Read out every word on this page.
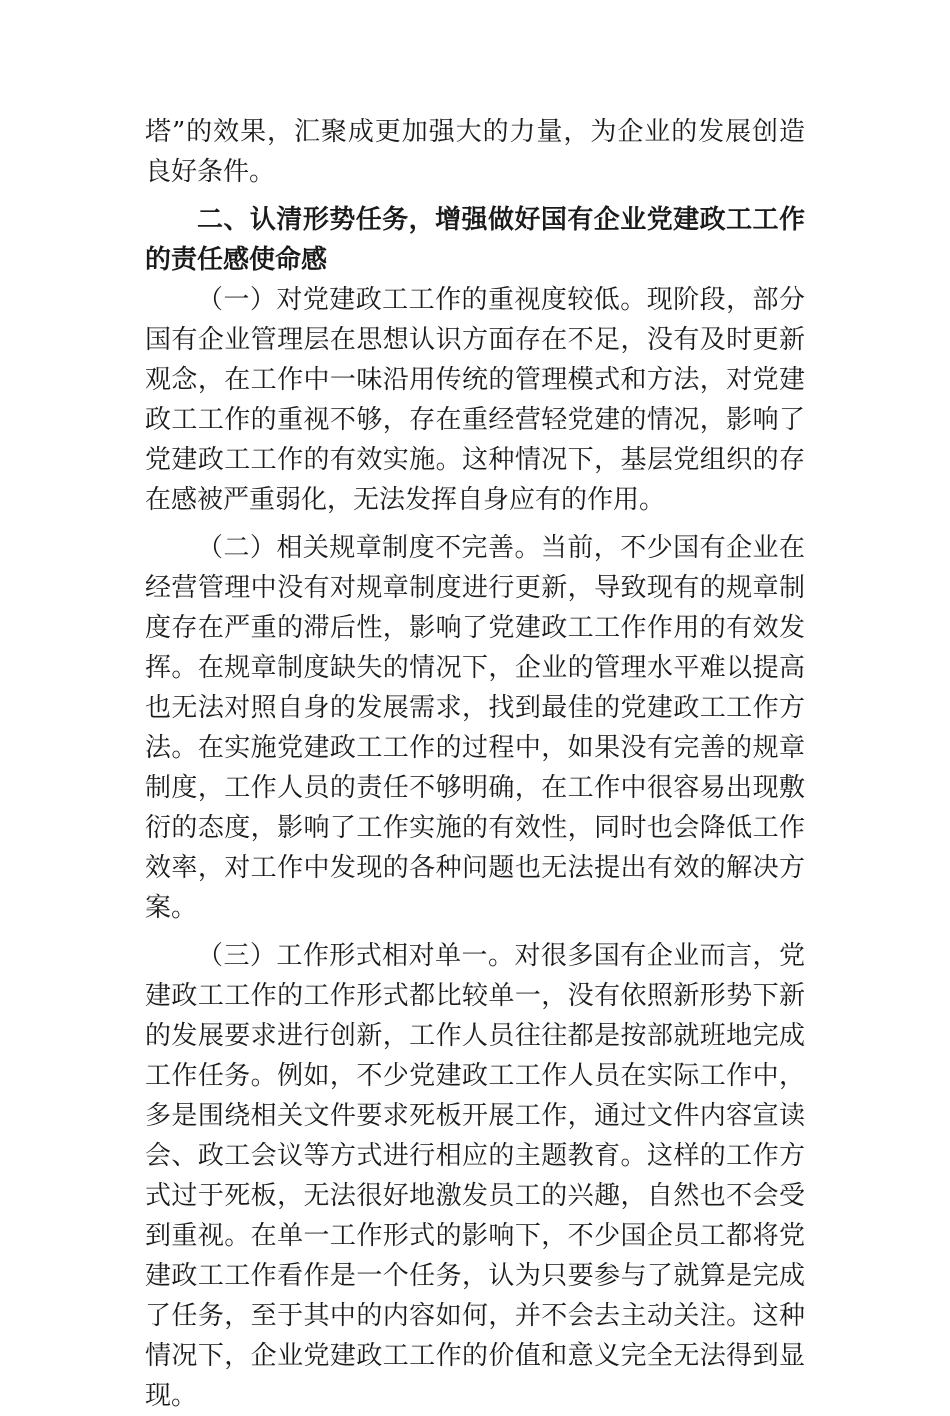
塔”的效果，汇聚成更加强大的力量，为企业的发展创造
良好条件。
二、认清形势任务，增强做好国有企业党建政工工作
的责任感使命感
（一）对党建政工工作的重视度较低。现阶段，部分
国有企业管理层在思想认识方面存在不足，没有及时更新
观念，在工作中一味沿用传统的管理模式和方法，对党建
政工工作的重视不够，存在重经营轻党建的情况，影响了
党建政工工作的有效实施。这种情况下，基层党组织的存
在感被严重弱化，无法发挥自身应有的作用。
（二）相关规章制度不完善。当前，不少国有企业在
经营管理中没有对规章制度进行更新，导致现有的规章制
度存在严重的滞后性，影响了党建政工工作作用的有效发
挥。在规章制度缺失的情况下，企业的管理水平难以提高
也无法对照自身的发展需求，找到最佳的党建政工工作方
法。在实施党建政工工作的过程中，如果没有完善的规章
制度，工作人员的责任不够明确，在工作中很容易出现敷
衍的态度，影响了工作实施的有效性，同时也会降低工作
效率，对工作中发现的各种问题也无法提出有效的解决方
案。
（三）工作形式相对单一。对很多国有企业而言，党
建政工工作的工作形式都比较单一，没有依照新形势下新
的发展要求进行创新，工作人员往往都是按部就班地完成
工作任务。例如，不少党建政工工作人员在实际工作中，
多是围绕相关文件要求死板开展工作，通过文件内容宣读
会、政工会议等方式进行相应的主题教育。这样的工作方
式过于死板，无法很好地激发员工的兴趣，自然也不会受
到重视。在单一工作形式的影响下，不少国企员工都将党
建政工工作看作是一个任务，认为只要参与了就算是完成
了任务，至于其中的内容如何，并不会去主动关注。这种
情况下，企业党建政工工作的价值和意义完全无法得到显
现。
